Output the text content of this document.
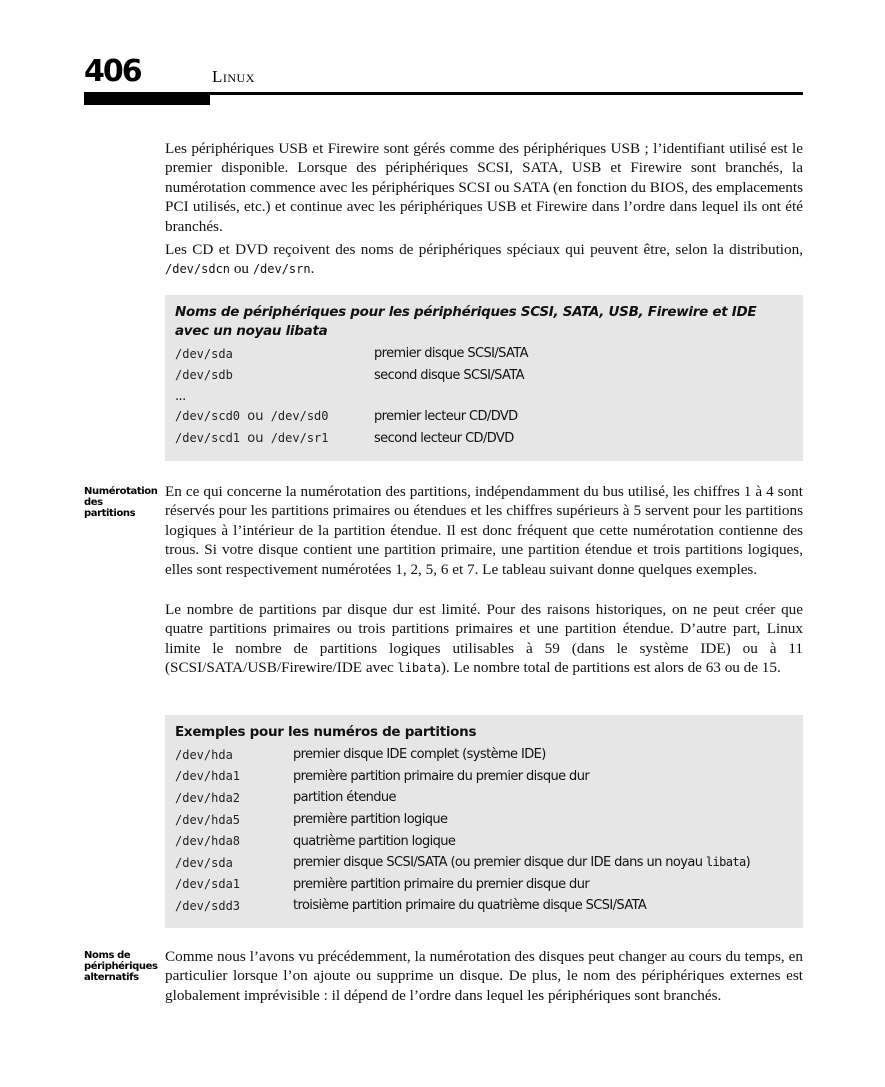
406	Linux

Les périphériques USB et Firewire sont gérés comme des périphériques USB ; l’identifiant utilisé est le premier disponible. Lorsque des périphériques SCSI, SATA, USB et Firewire sont branchés, la numérotation commence avec les périphériques SCSI ou SATA (en fonction du BIOS, des emplacements PCI utilisés, etc.) et continue avec les périphériques USB et Firewire dans l’ordre dans lequel ils ont été branchés.

Les CD et DVD reçoivent des noms de périphériques spéciaux qui peuvent être, selon la distribution, /dev/sdcn ou /dev/srn.

Noms de périphériques pour les périphériques SCSI, SATA, USB, Firewire et IDE avec un noyau libata

/dev/sda	premier disque SCSI/SATA
/dev/sdb	second disque SCSI/SATA
...
/dev/scd0 ou /dev/sd0	premier lecteur CD/DVD
/dev/scd1 ou /dev/sr1	second lecteur CD/DVD
Numérotation des partitions

En ce qui concerne la numérotation des partitions, indépendamment du bus utilisé, les chiffres 1 à 4 sont réservés pour les partitions primaires ou étendues et les chiffres supérieurs à 5 servent pour les partitions logiques à l’intérieur de la partition étendue. Il est donc fréquent que cette numérotation contienne des trous. Si votre disque contient une partition primaire, une partition étendue et trois partitions logiques, elles sont respectivement numérotées 1, 2, 5, 6 et 7. Le tableau suivant donne quelques exemples.

Le nombre de partitions par disque dur est limité. Pour des raisons historiques, on ne peut créer que quatre partitions primaires ou trois partitions primaires et une partition étendue. D’autre part, Linux limite le nombre de partitions logiques utilisables à 59 (dans le système IDE) ou à 11 (SCSI/SATA/USB/Firewire/IDE avec libata). Le nombre total de partitions est alors de 63 ou de 15.

Exemples pour les numéros de partitions

/dev/hda	premier disque IDE complet (système IDE)
/dev/hda1	première partition primaire du premier disque dur
/dev/hda2	partition étendue
/dev/hda5	première partition logique
/dev/hda8	quatrième partition logique
/dev/sda	premier disque SCSI/SATA (ou premier disque dur IDE dans un noyau libata)
/dev/sda1	première partition primaire du premier disque dur
/dev/sdd3	troisième partition primaire du quatrième disque SCSI/SATA
Noms de périphériques alternatifs

Comme nous l’avons vu précédemment, la numérotation des disques peut changer au cours du temps, en particulier lorsque l’on ajoute ou supprime un disque. De plus, le nom des périphériques externes est globalement imprévisible : il dépend de l’ordre dans lequel les périphériques sont branchés.
